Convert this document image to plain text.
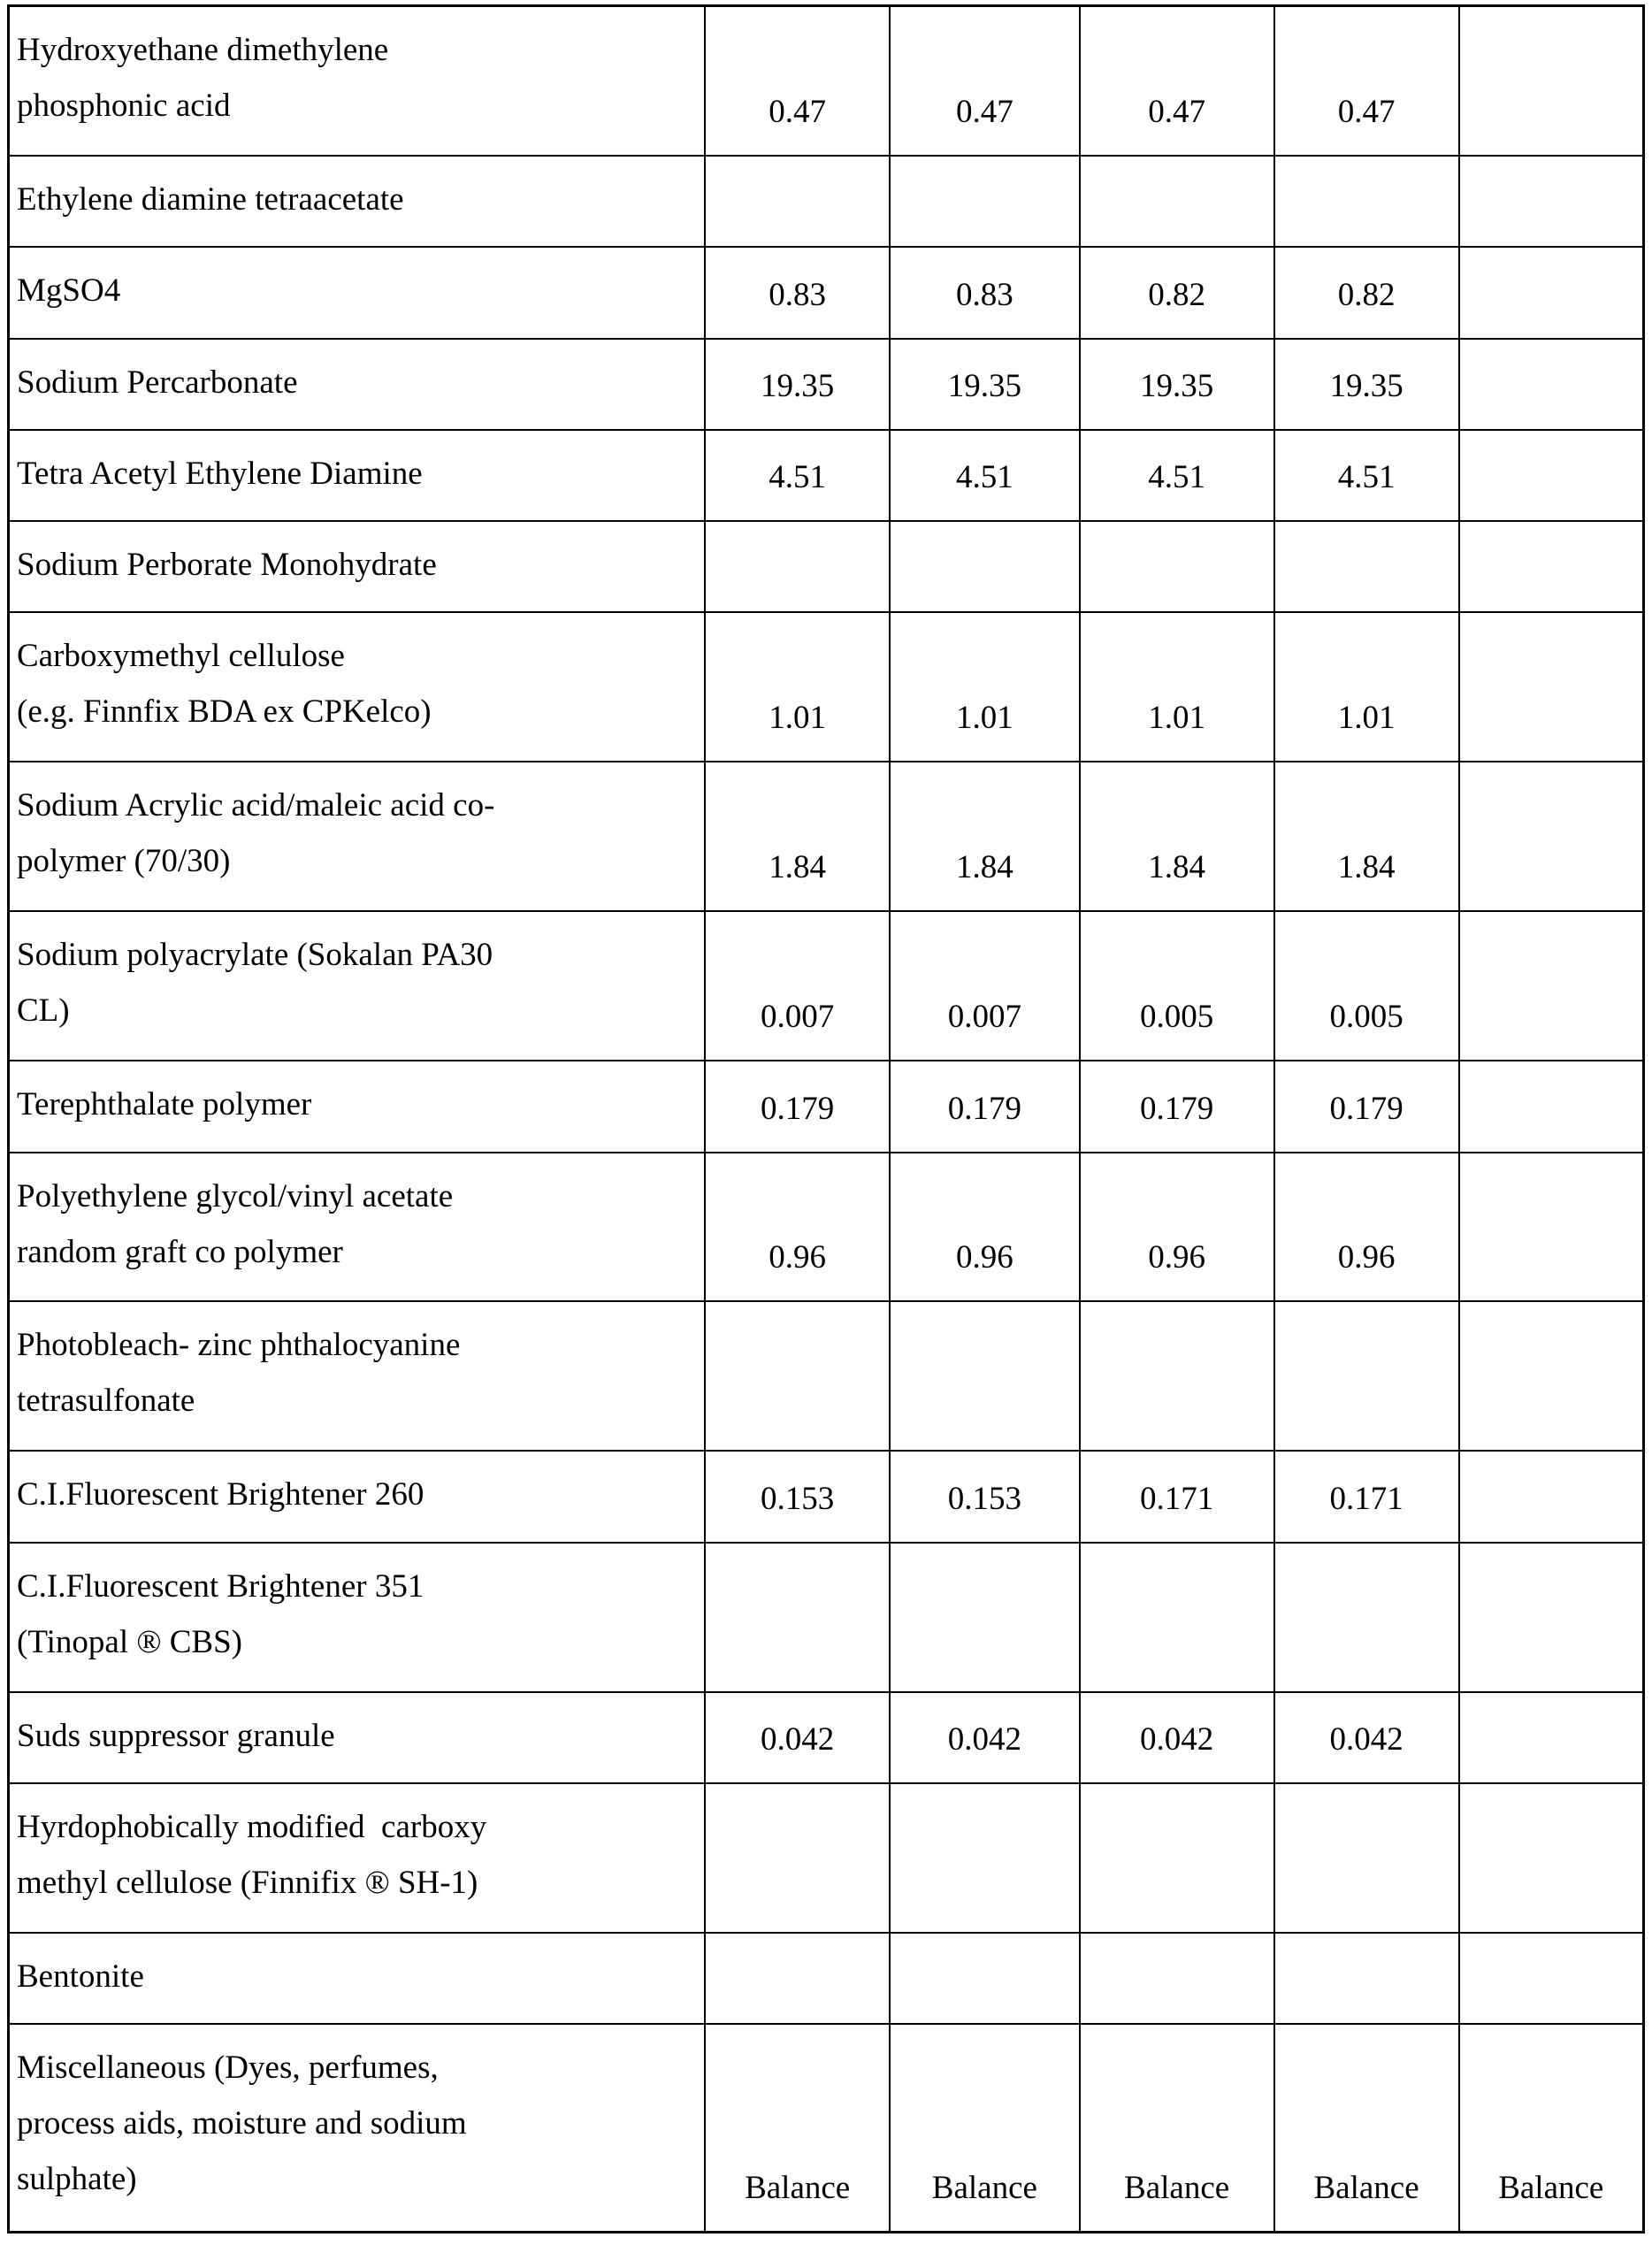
Hydroxyethane dimethylene
phosphonic acid	0.47	0.47	0.47	0.47	

Ethylene diamine tetraacetate					

MgSO4	0.83	0.83	0.82	0.82	

Sodium Percarbonate	19.35	19.35	19.35	19.35	

Tetra Acetyl Ethylene Diamine	4.51	4.51	4.51	4.51	

Sodium Perborate Monohydrate					

Carboxymethyl cellulose
(e.g. Finnfix BDA ex CPKelco)	1.01	1.01	1.01	1.01	

Sodium Acrylic acid/maleic acid co-
polymer (70/30)	1.84	1.84	1.84	1.84	

Sodium polyacrylate (Sokalan PA30
CL)	0.007	0.007	0.005	0.005	

Terephthalate polymer	0.179	0.179	0.179	0.179	

Polyethylene glycol/vinyl acetate
random graft co polymer	0.96	0.96	0.96	0.96	

Photobleach- zinc phthalocyanine
tetrasulfonate					

C.I.Fluorescent Brightener 260	0.153	0.153	0.171	0.171	

C.I.Fluorescent Brightener 351
(Tinopal ® CBS)					

Suds suppressor granule	0.042	0.042	0.042	0.042	

Hyrdophobically modified  carboxy
methyl cellulose (Finnifix ® SH-1)					

Bentonite					

Miscellaneous (Dyes, perfumes,
process aids, moisture and sodium
sulphate)	Balance	Balance	Balance	Balance	Balance
